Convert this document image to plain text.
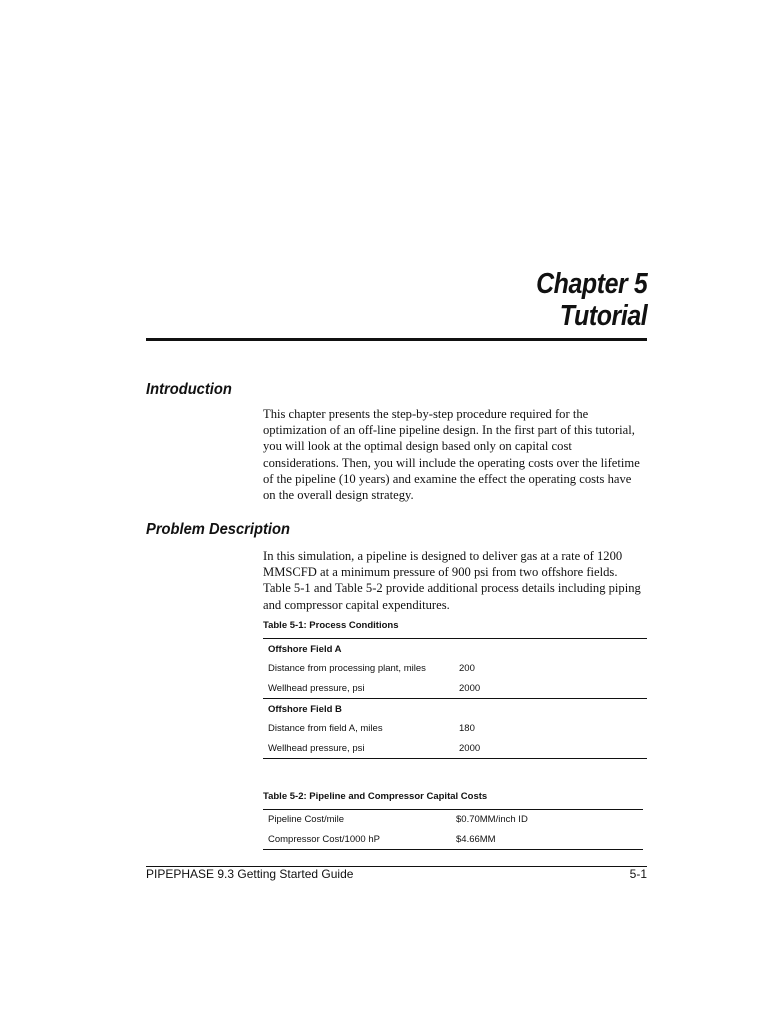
Chapter 5
Tutorial
Introduction

This chapter presents the step-by-step procedure required for the optimization of an off-line pipeline design. In the first part of this tutorial, you will look at the optimal design based only on capital cost considerations. Then, you will include the operating costs over the lifetime of the pipeline (10 years) and examine the effect the operating costs have on the overall design strategy.

Problem Description

In this simulation, a pipeline is designed to deliver gas at a rate of 1200 MMSCFD at a minimum pressure of 900 psi from two offshore fields. Table 5-1 and Table 5-2 provide additional process details including piping and compressor capital expenditures.

Table 5-1: Process Conditions
Offshore Field A	
Distance from processing plant, miles	200
Wellhead pressure, psi	2000
Offshore Field B	
Distance from field A, miles	180
Wellhead pressure, psi	2000
Table 5-2: Pipeline and Compressor Capital Costs
Pipeline Cost/mile	$0.70MM/inch ID
Compressor Cost/1000 hP	$4.66MM
PIPEPHASE 9.3 Getting Started Guide	5-1
